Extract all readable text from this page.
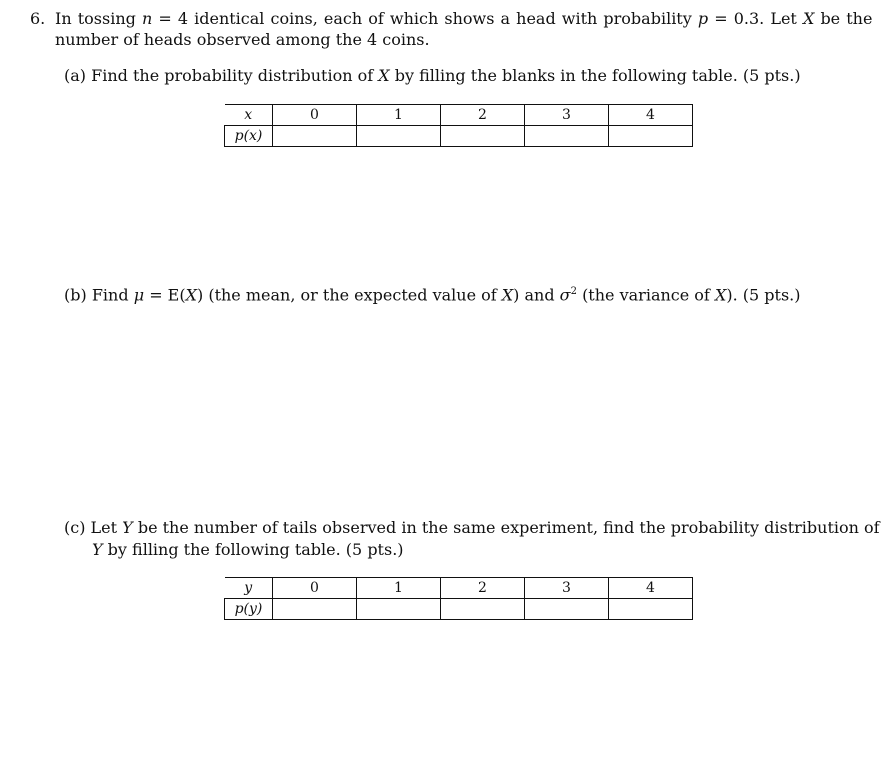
6. In tossing n = 4 identical coins, each of which shows a head with probability p = 0.3. Let X be the
number of heads observed among the 4 coins.
(a) Find the probability distribution of X by filling the blanks in the following table. (5 pts.)
x	0	1	2	3	4
p(x)					
(b) Find μ = E(X) (the mean, or the expected value of X) and $\sigma^2$ (the variance of X). (5 pts.)
(c) Let Y be the number of tails observed in the same experiment, find the probability distribution of
Y by filling the following table. (5 pts.)
y	0	1	2	3	4
p(y)					
